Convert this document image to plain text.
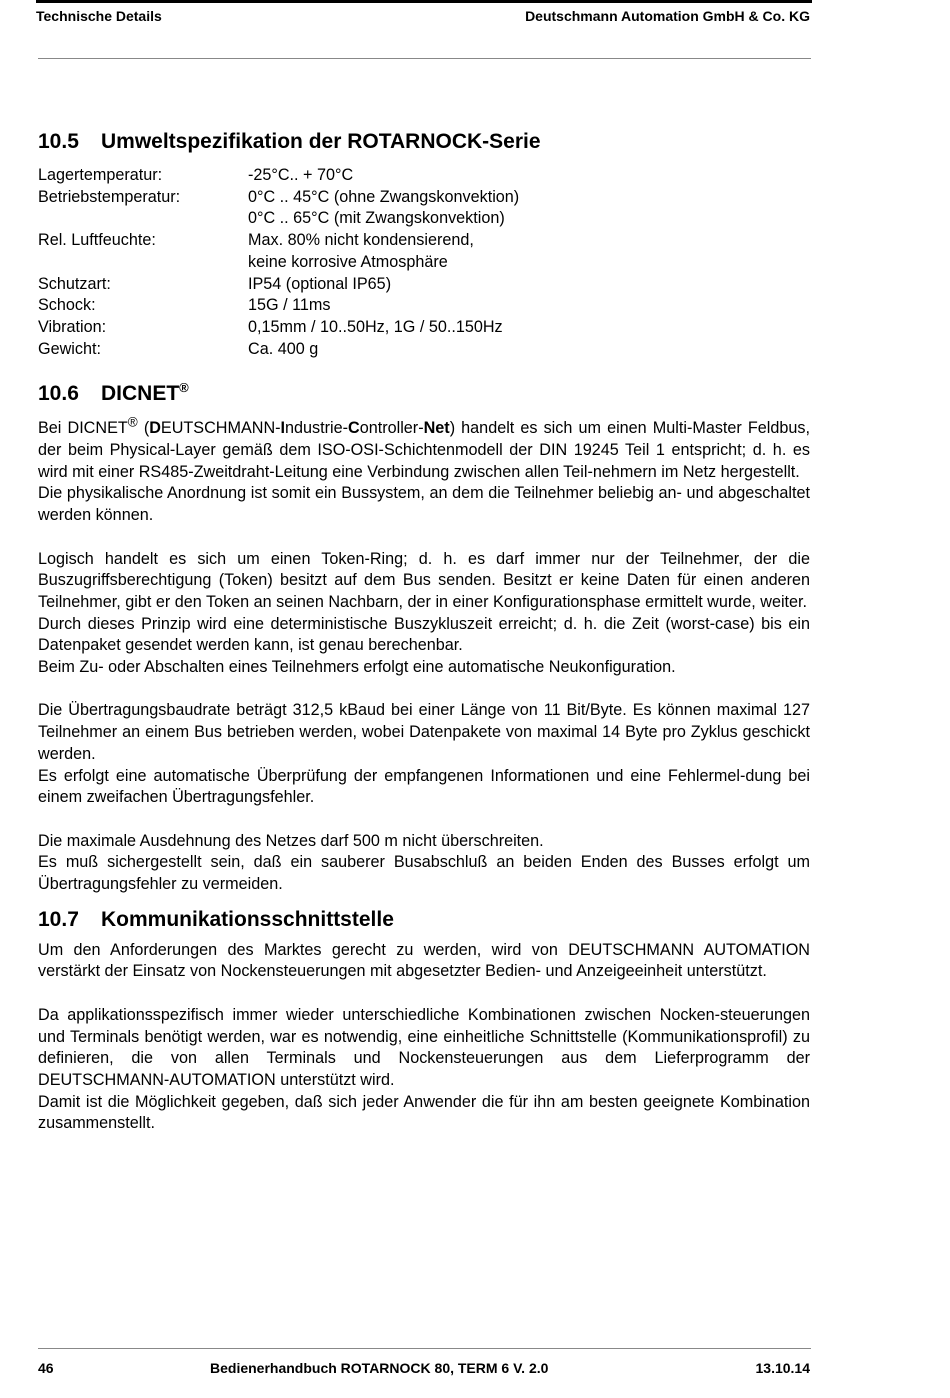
Technische Details	Deutschmann Automation GmbH & Co. KG
10.5 Umweltspezifikation der ROTARNOCK-Serie
Lagertemperatur:	-25°C.. + 70°C
Betriebstemperatur:	0°C .. 45°C (ohne Zwangskonvektion)
0°C .. 65°C (mit Zwangskonvektion)
Rel. Luftfeuchte:	Max. 80% nicht kondensierend,
keine korrosive Atmosphäre
Schutzart:	IP54 (optional IP65)
Schock:	15G / 11ms
Vibration:	0,15mm / 10..50Hz, 1G / 50..150Hz
Gewicht:	Ca. 400 g
10.6 DICNET®

Bei DICNET® (DEUTSCHMANN-Industrie-Controller-Net) handelt es sich um einen Multi-Master Feldbus, der beim Physical-Layer gemäß dem ISO-OSI-Schichtenmodell der DIN 19245 Teil 1 entspricht; d. h. es wird mit einer RS485-Zweitdraht-Leitung eine Verbindung zwischen allen Teil-nehmern im Netz hergestellt.

Die physikalische Anordnung ist somit ein Bussystem, an dem die Teilnehmer beliebig an- und abgeschaltet werden können.

Logisch handelt es sich um einen Token-Ring; d. h. es darf immer nur der Teilnehmer, der die Buszugriffsberechtigung (Token) besitzt auf dem Bus senden. Besitzt er keine Daten für einen anderen Teilnehmer, gibt er den Token an seinen Nachbarn, der in einer Konfigurationsphase ermittelt wurde, weiter.

Durch dieses Prinzip wird eine deterministische Buszykluszeit erreicht; d. h. die Zeit (worst-case) bis ein Datenpaket gesendet werden kann, ist genau berechenbar.

Beim Zu- oder Abschalten eines Teilnehmers erfolgt eine automatische Neukonfiguration.

Die Übertragungsbaudrate beträgt 312,5 kBaud bei einer Länge von 11 Bit/Byte. Es können maximal 127 Teilnehmer an einem Bus betrieben werden, wobei Datenpakete von maximal 14 Byte pro Zyklus geschickt werden.

Es erfolgt eine automatische Überprüfung der empfangenen Informationen und eine Fehlermel-dung bei einem zweifachen Übertragungsfehler.

Die maximale Ausdehnung des Netzes darf 500 m nicht überschreiten.

Es muß sichergestellt sein, daß ein sauberer Busabschluß an beiden Enden des Busses erfolgt um Übertragungsfehler zu vermeiden.

10.7 Kommunikationsschnittstelle

Um den Anforderungen des Marktes gerecht zu werden, wird von DEUTSCHMANN AUTOMATION verstärkt der Einsatz von Nockensteuerungen mit abgesetzter Bedien- und Anzeigeeinheit unterstützt.

Da applikationsspezifisch immer wieder unterschiedliche Kombinationen zwischen Nocken-steuerungen und Terminals benötigt werden, war es notwendig, eine einheitliche Schnittstelle (Kommunikationsprofil) zu definieren, die von allen Terminals und Nockensteuerungen aus dem Lieferprogramm der DEUTSCHMANN-AUTOMATION unterstützt wird.

Damit ist die Möglichkeit gegeben, daß sich jeder Anwender die für ihn am besten geeignete Kombination zusammenstellt.

46	Bedienerhandbuch ROTARNOCK 80, TERM 6 V. 2.0	13.10.14
